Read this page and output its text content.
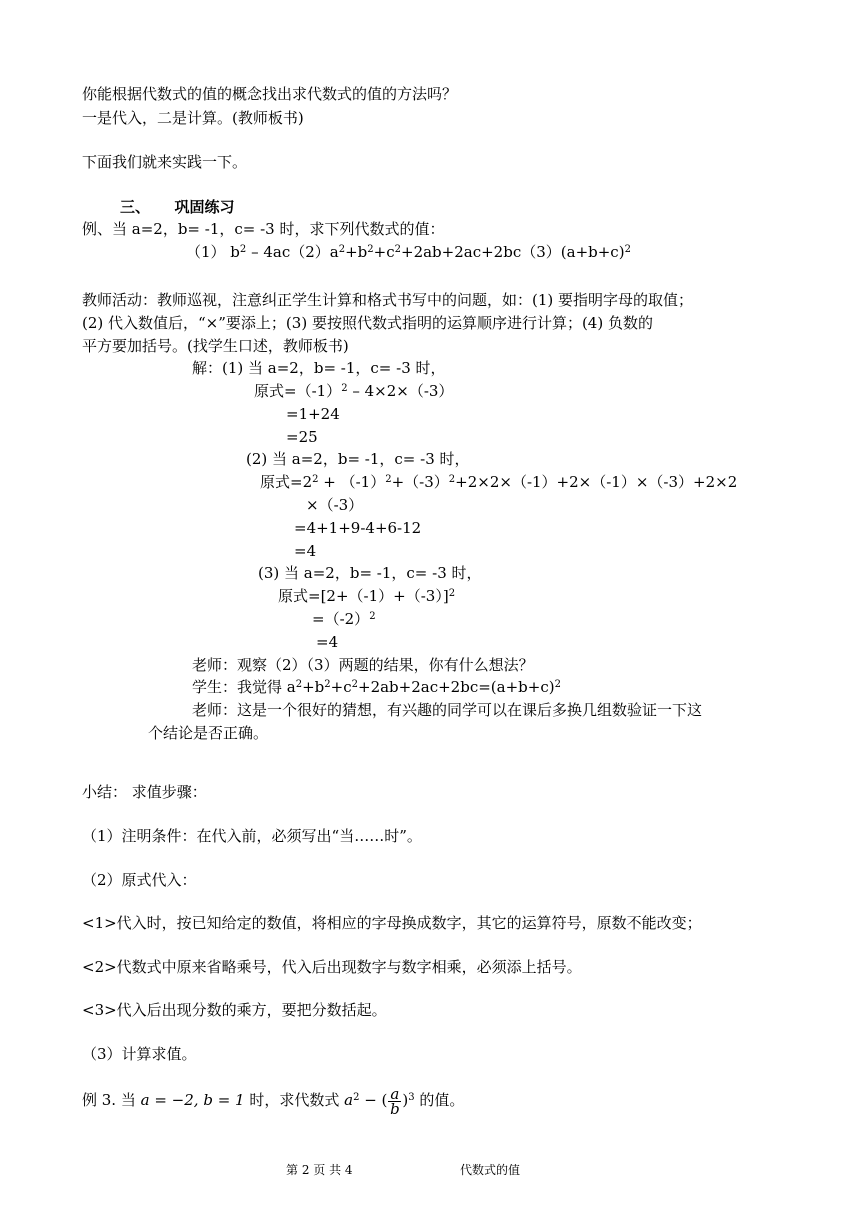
你能根据代数式的值的概念找出求代数式的值的方法吗？
一是代入，二是计算。(教师板书)
下面我们就来实践一下。
三、 巩固练习
例、当 a=2，b= -1，c= -3 时，求下列代数式的值：
（1） $b^2 - 4ac(2)a^2+b^2+c^2+2ab+2ac+2bc(3)(a+b+c)^2$
教师活动：教师巡视，注意纠正学生计算和格式书写中的问题，如：(1) 要指明字母的取值；
(2) 代入数值后，“×”要添上；(3) 要按照代数式指明的运算顺序进行计算；(4) 负数的
平方要加括号。(找学生口述，教师板书)
解：(1) 当 a=2，b= -1，c= -3 时，
原式$=(-1)^2 - 4\times 2\times(-3)$
=1+24
=25
(2) 当 a=2，b= -1，c= -3 时，
原式$=2^2 + (-1)^2+(-3)^2+2\times 2\times(-1)+2\times(-1)\times(-3)+2\times 2$
×（-3）
=4+1+9-4+6-12
=4
(3) 当 a=2，b= -1，c= -3 时，
原式$=[2+(-1)+(-3)]^2$
$=(-2)^2$
=4
老师：观察（2）（3）两题的结果，你有什么想法？
学生：我觉得 $a^2+b^2+c^2+2ab+2ac+2bc=(a+b+c)^2$
老师：这是一个很好的猜想，有兴趣的同学可以在课后多换几组数验证一下这
个结论是否正确。
小结： 求值步骤：
（1）注明条件：在代入前，必须写出“当……时”。
（2）原式代入：
<1>代入时，按已知给定的数值，将相应的字母换成数字，其它的运算符号，原数不能改变；
<2>代数式中原来省略乘号，代入后出现数字与数字相乘，必须添上括号。
<3>代入后出现分数的乘方，要把分数括起。
（3）计算求值。
例 3. 当 a = −2, b = 1 时，求代数式 $a^2$ − ( $\frac{a}{b} )^3$ 的值。
第 2 页 共 4	代数式的值
